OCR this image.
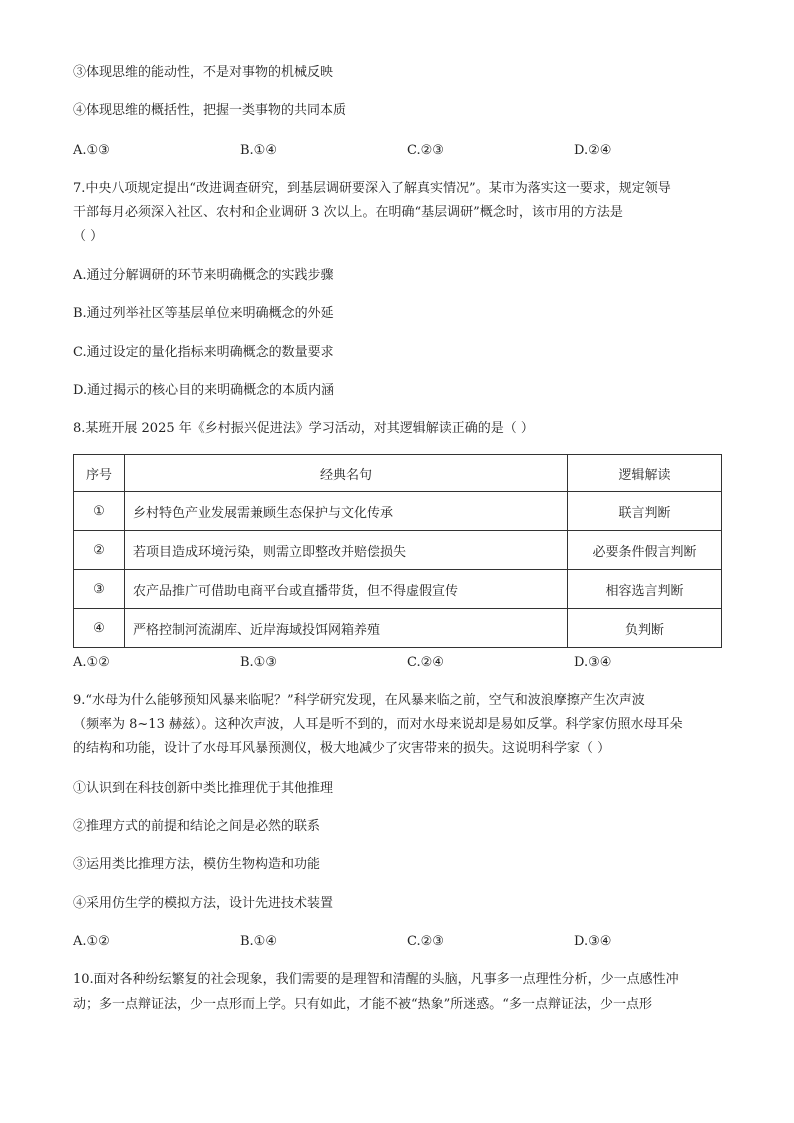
③体现思维的能动性，不是对事物的机械反映
④体现思维的概括性，把握一类事物的共同本质
A.①③	B.①④	C.②③	D.②④
7.中央八项规定提出“改进调查研究，到基层调研要深入了解真实情况”。某市为落实这一要求，规定领导
干部每月必须深入社区、农村和企业调研 3 次以上。在明确“基层调研”概念时，该市用的方法是
（ ）
A.通过分解调研的环节来明确概念的实践步骤
B.通过列举社区等基层单位来明确概念的外延
C.通过设定的量化指标来明确概念的数量要求
D.通过揭示的核心目的来明确概念的本质内涵
8.某班开展 2025 年《乡村振兴促进法》学习活动，对其逻辑解读正确的是（ ）
序号	经典名句	逻辑解读
①	乡村特色产业发展需兼顾生态保护与文化传承	联言判断
②	若项目造成环境污染，则需立即整改并赔偿损失	必要条件假言判断
③	农产品推广可借助电商平台或直播带货，但不得虚假宣传	相容选言判断
④	严格控制河流湖库、近岸海域投饵网箱养殖	负判断
A.①②	B.①③	C.②④	D.③④
9.“水母为什么能够预知风暴来临呢？”科学研究发现，在风暴来临之前，空气和波浪摩擦产生次声波
（频率为 8~13 赫兹）。这种次声波，人耳是听不到的，而对水母来说却是易如反掌。科学家仿照水母耳朵
的结构和功能，设计了水母耳风暴预测仪，极大地减少了灾害带来的损失。这说明科学家（ ）
①认识到在科技创新中类比推理优于其他推理
②推理方式的前提和结论之间是必然的联系
③运用类比推理方法，模仿生物构造和功能
④采用仿生学的模拟方法，设计先进技术装置
A.①②	B.①④	C.②③	D.③④
10.面对各种纷纭繁复的社会现象，我们需要的是理智和清醒的头脑，凡事多一点理性分析，少一点感性冲
动；多一点辩证法，少一点形而上学。只有如此，才能不被“热象”所迷惑。“多一点辩证法，少一点形
